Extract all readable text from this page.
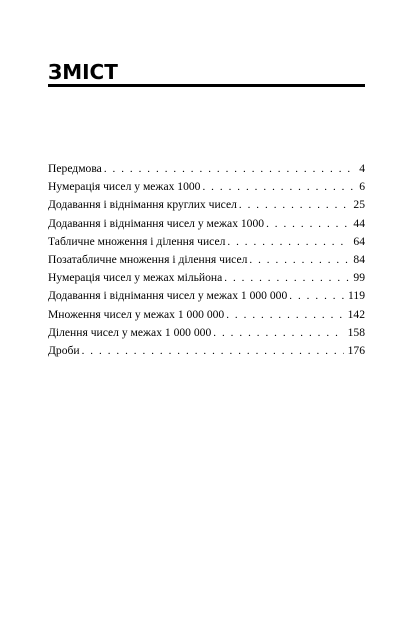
ЗМІСТ
Передмова . . .	4
Нумерація чисел у межах 1000 . . .	6
Додавання і віднімання круглих чисел . . .	25
Додавання і віднімання чисел у межах 1000 . . .	44
Табличне множення і ділення чисел . . .	64
Позатабличне множення і ділення чисел . . .	84
Нумерація чисел у межах мільйона . . .	99
Додавання і віднімання чисел у межах 1 000 000 . . .	119
Множення чисел у межах 1 000 000 . . .	142
Ділення чисел у межах 1 000 000 . . .	158
Дроби . . .	176
